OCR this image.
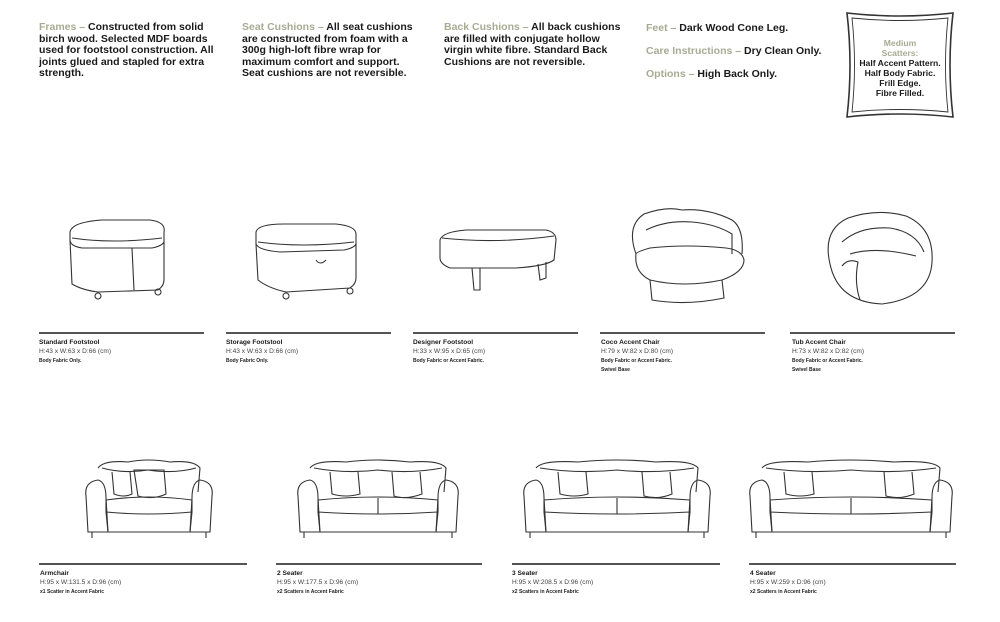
Frames – Constructed from solid birch wood. Selected MDF boards used for footstool construction. All joints glued and stapled for extra strength.
Seat Cushions – All seat cushions are constructed from foam with a 300g high-loft fibre wrap for maximum comfort and support. Seat cushions are not reversible.
Back Cushions – All back cushions are filled with conjugate hollow virgin white fibre. Standard Back Cushions are not reversible.
Feet – Dark Wood Cone Leg.
Care Instructions – Dry Clean Only.
Options – High Back Only.
Medium
Scatters:
Half Accent Pattern.
Half Body Fabric.
Frill Edge.
Fibre Filled.
Standard Footstool
H:43 x W:63 x D:66 (cm)
Body Fabric Only.
Storage Footstool
H:43 x W:63 x D:66 (cm)
Body Fabric Only.
Designer Footstool
H:33 x W:95 x D:65 (cm)
Body Fabric or Accent Fabric.
Coco Accent Chair
H:79 x W:82 x D:80 (cm)
Body Fabric or Accent Fabric.
Swivel Base
Tub Accent Chair
H:73 x W:82 x D:82 (cm)
Body Fabric or Accent Fabric.
Swivel Base
Armchair
H:95 x W:131.5 x D:96 (cm)
x1 Scatter in Accent Fabric
2 Seater
H:95 x W:177.5 x D:96 (cm)
x2 Scatters in Accent Fabric
3 Seater
H:95 x W:208.5 x D:96 (cm)
x2 Scatters in Accent Fabric
4 Seater
H:95 x W:259 x D:96 (cm)
x2 Scatters in Accent Fabric
